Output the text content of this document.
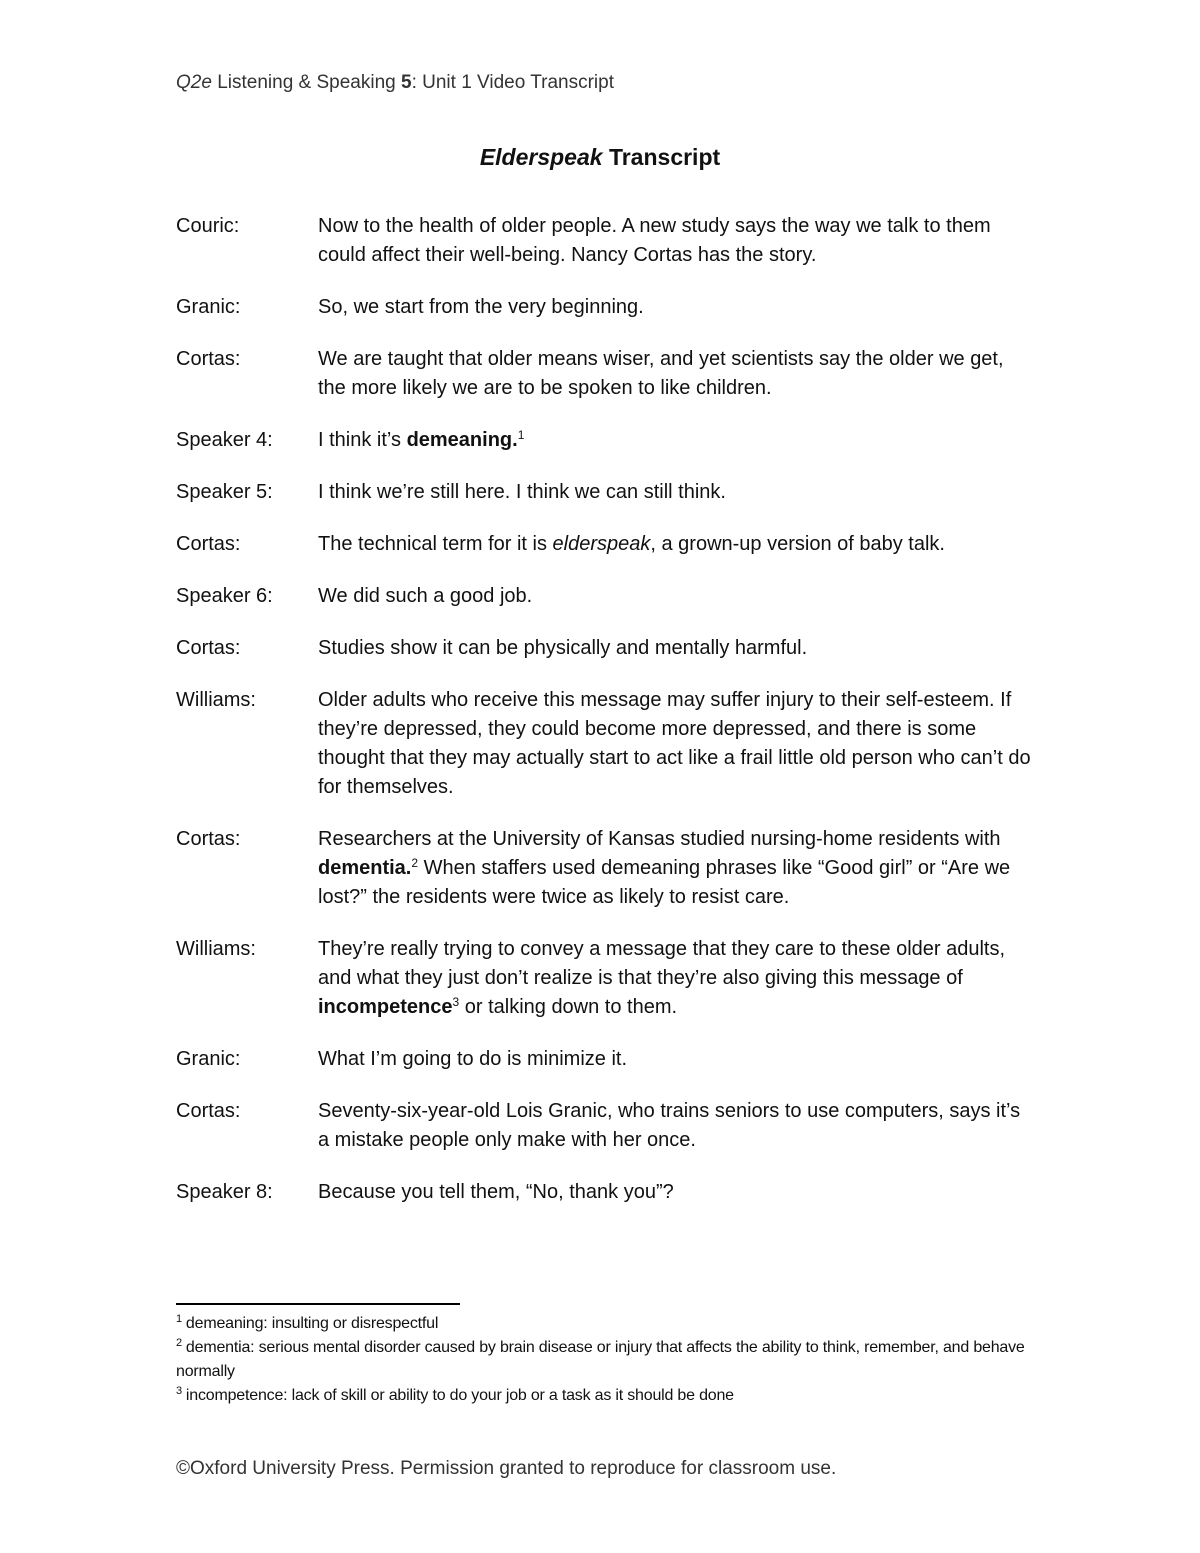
Q2e Listening & Speaking 5: Unit 1 Video Transcript
Elderspeak Transcript
Couric:	Now to the health of older people. A new study says the way we talk to them could affect their well-being. Nancy Cortas has the story.
Granic:	So, we start from the very beginning.
Cortas:	We are taught that older means wiser, and yet scientists say the older we get, the more likely we are to be spoken to like children.
Speaker 4:	I think it’s demeaning.$^1$
Speaker 5:	I think we’re still here. I think we can still think.
Cortas:	The technical term for it is elderspeak, a grown-up version of baby talk.
Speaker 6:	We did such a good job.
Cortas:	Studies show it can be physically and mentally harmful.
Williams:	Older adults who receive this message may suffer injury to their self-esteem. If they’re depressed, they could become more depressed, and there is some thought that they may actually start to act like a frail little old person who can’t do for themselves.
Cortas:	Researchers at the University of Kansas studied nursing-home residents with dementia.$^2$ When staffers used demeaning phrases like “Good girl” or “Are we lost?” the residents were twice as likely to resist care.
Williams:	They’re really trying to convey a message that they care to these older adults, and what they just don’t realize is that they’re also giving this message of incompetence$^3$ or talking down to them.
Granic:	What I’m going to do is minimize it.
Cortas:	Seventy-six-year-old Lois Granic, who trains seniors to use computers, says it’s a mistake people only make with her once.
Speaker 8:	Because you tell them, “No, thank you”?
$^1$ demeaning: insulting or disrespectful
$^2$ dementia: serious mental disorder caused by brain disease or injury that affects the ability to think, remember, and behave normally
$^3$ incompetence: lack of skill or ability to do your job or a task as it should be done
©Oxford University Press. Permission granted to reproduce for classroom use.
